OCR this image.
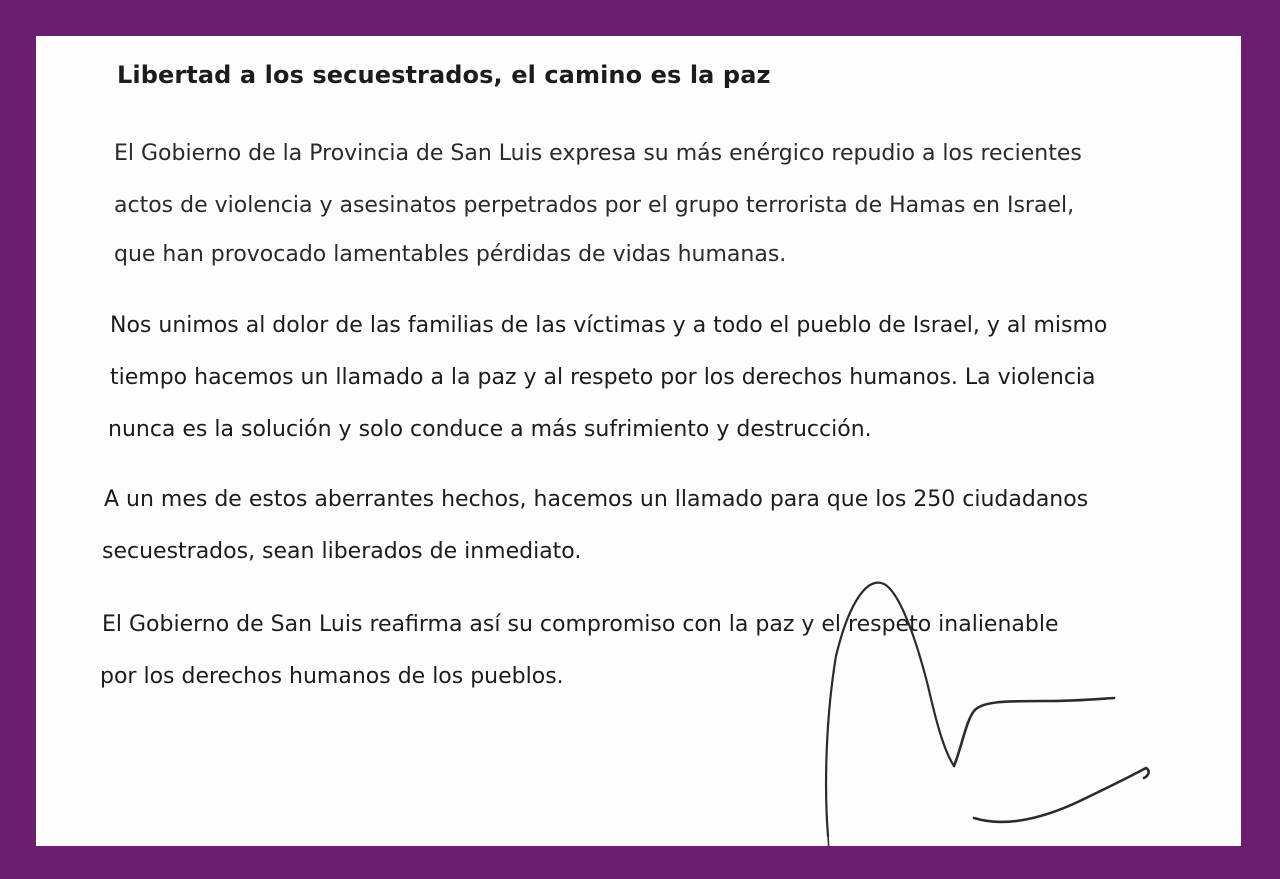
Libertad a los secuestrados, el camino es la paz

El Gobierno de la Provincia de San Luis expresa su más enérgico repudio a los recientes

actos de violencia y asesinatos perpetrados por el grupo terrorista de Hamas en Israel,

que han provocado lamentables pérdidas de vidas humanas.

Nos unimos al dolor de las familias de las víctimas y a todo el pueblo de Israel, y al mismo

tiempo hacemos un llamado a la paz y al respeto por los derechos humanos. La violencia

nunca es la solución y solo conduce a más sufrimiento y destrucción.

A un mes de estos aberrantes hechos, hacemos un llamado para que los 250 ciudadanos

secuestrados, sean liberados de inmediato.

El Gobierno de San Luis reafirma así su compromiso con la paz y el respeto inalienable

por los derechos humanos de los pueblos.
